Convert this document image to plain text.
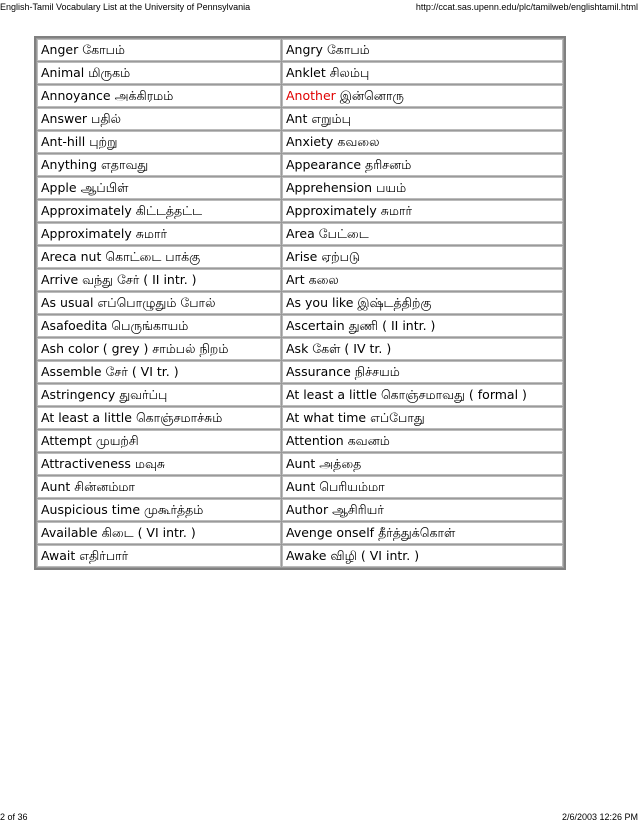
English-Tamil Vocabulary List at the University of Pennsylvania	http://ccat.sas.upenn.edu/plc/tamilweb/englishtamil.html
Anger கோபம்	Angry கோபம்
Animal மிருகம்	Anklet சிலம்பு
Annoyance அக்கிரமம்	Another இன்னொரு
Answer பதில்	Ant எறும்பு
Ant-hill புற்று	Anxiety கவலை
Anything எதாவது	Appearance தரிசனம்
Apple ஆப்பிள்	Apprehension பயம்
Approximately கிட்டத்தட்ட	Approximately சுமார்
Approximately சுமார்	Area பேட்டை
Areca nut கொட்டை பாக்கு	Arise ஏற்படு
Arrive வந்து சேர் ( II intr. )	Art கலை
As usual எப்பொழுதும் போல்	As you like இஷ்டத்திற்கு
Asafoedita பெருங்காயம்	Ascertain துணி ( II intr. )
Ash color ( grey ) சாம்பல் நிறம்	Ask கேள் ( IV tr. )
Assemble சேர் ( VI tr. )	Assurance நிச்சயம்
Astringency துவர்ப்பு	At least a little கொஞ்சமாவது ( formal )
At least a little கொஞ்சமாச்சும்	At what time எப்போது
Attempt முயற்சி	Attention கவனம்
Attractiveness மவுசு	Aunt அத்தை
Aunt சின்னம்மா	Aunt பெரியம்மா
Auspicious time முகூர்த்தம்	Author ஆசிரியர்
Available கிடை ( VI intr. )	Avenge onself தீர்த்துக்கொள்
Await எதிர்பார்	Awake விழி ( VI intr. )
2 of 36	2/6/2003 12:26 PM
